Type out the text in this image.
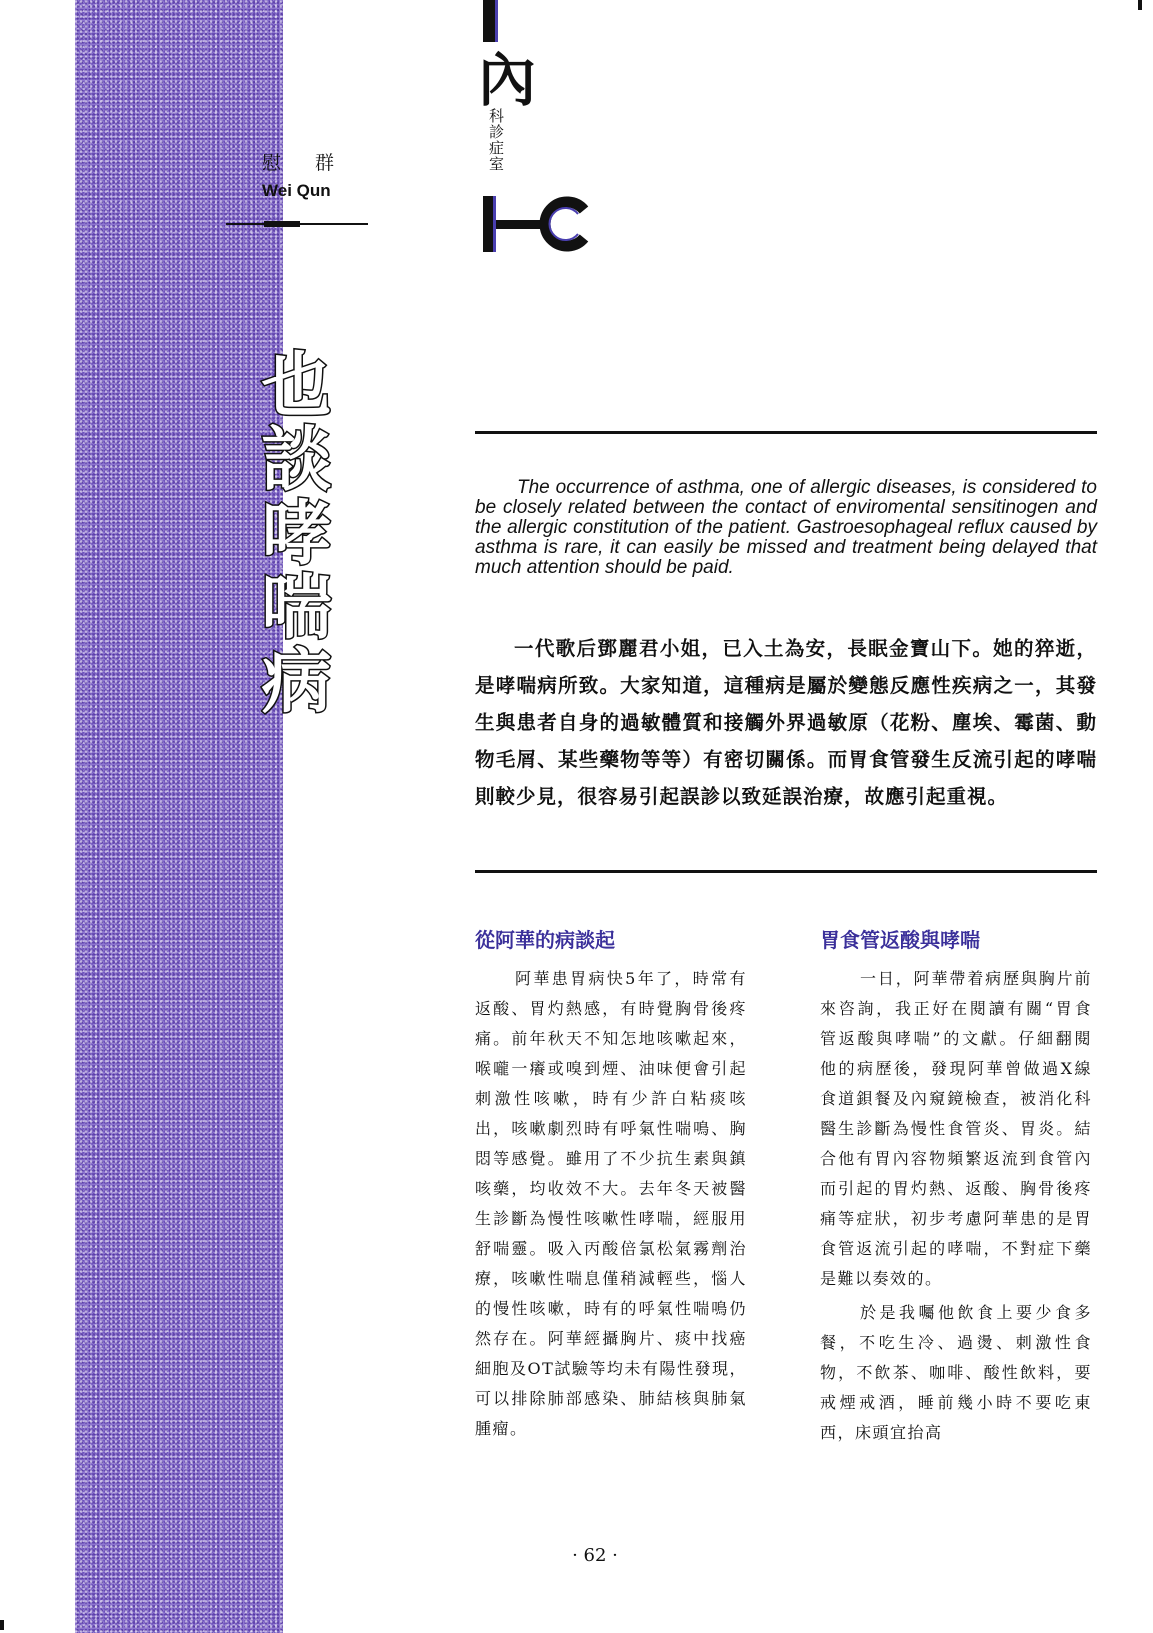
慰 群
Wei Qun
也談哮喘病
內
科診症室

The occurrence of asthma, one of allergic diseases, is considered to be closely related between the contact of enviromental sensitinogen and the allergic constitution of the patient. Gastroesophageal reflux caused by asthma is rare, it can easily be missed and treatment being delayed that much attention should be paid.

一代歌后鄧麗君小姐，已入土為安，長眠金寶山下。她的猝逝，是哮喘病所致。大家知道，這種病是屬於變態反應性疾病之一，其發生與患者自身的過敏體質和接觸外界過敏原（花粉、塵埃、霉菌、動物毛屑、某些藥物等等）有密切關係。而胃食管發生反流引起的哮喘則較少見，很容易引起誤診以致延誤治療，故應引起重視。

從阿華的病談起

阿華患胃病快5年了，時常有返酸、胃灼熱感，有時覺胸骨後疼痛。前年秋天不知怎地咳嗽起來，喉嚨一癢或嗅到煙、油味便會引起刺激性咳嗽，時有少許白粘痰咳出，咳嗽劇烈時有呼氣性喘鳴、胸悶等感覺。雖用了不少抗生素與鎮咳藥，均收效不大。去年冬天被醫生診斷為慢性咳嗽性哮喘，經服用舒喘靈。吸入丙酸倍氯松氣霧劑治療，咳嗽性喘息僅稍減輕些，惱人的慢性咳嗽，時有的呼氣性喘鳴仍然存在。阿華經攝胸片、痰中找癌細胞及OT試驗等均未有陽性發現，可以排除肺部感染、肺結核與肺氣腫瘤。

胃食管返酸與哮喘

一日，阿華帶着病歷與胸片前來咨詢，我正好在閱讀有關“胃食管返酸與哮喘”的文獻。仔細翻閱他的病歷後，發現阿華曾做過X線食道鋇餐及內窺鏡檢查，被消化科醫生診斷為慢性食管炎、胃炎。結合他有胃內容物頻繁返流到食管內而引起的胃灼熱、返酸、胸骨後疼痛等症狀，初步考慮阿華患的是胃食管返流引起的哮喘，不對症下藥是難以奏效的。

於是我囑他飲食上要少食多餐，不吃生冷、過燙、刺激性食物，不飲茶、咖啡、酸性飲料，要戒煙戒酒，睡前幾小時不要吃東西，床頭宜抬高

· 62 ·
